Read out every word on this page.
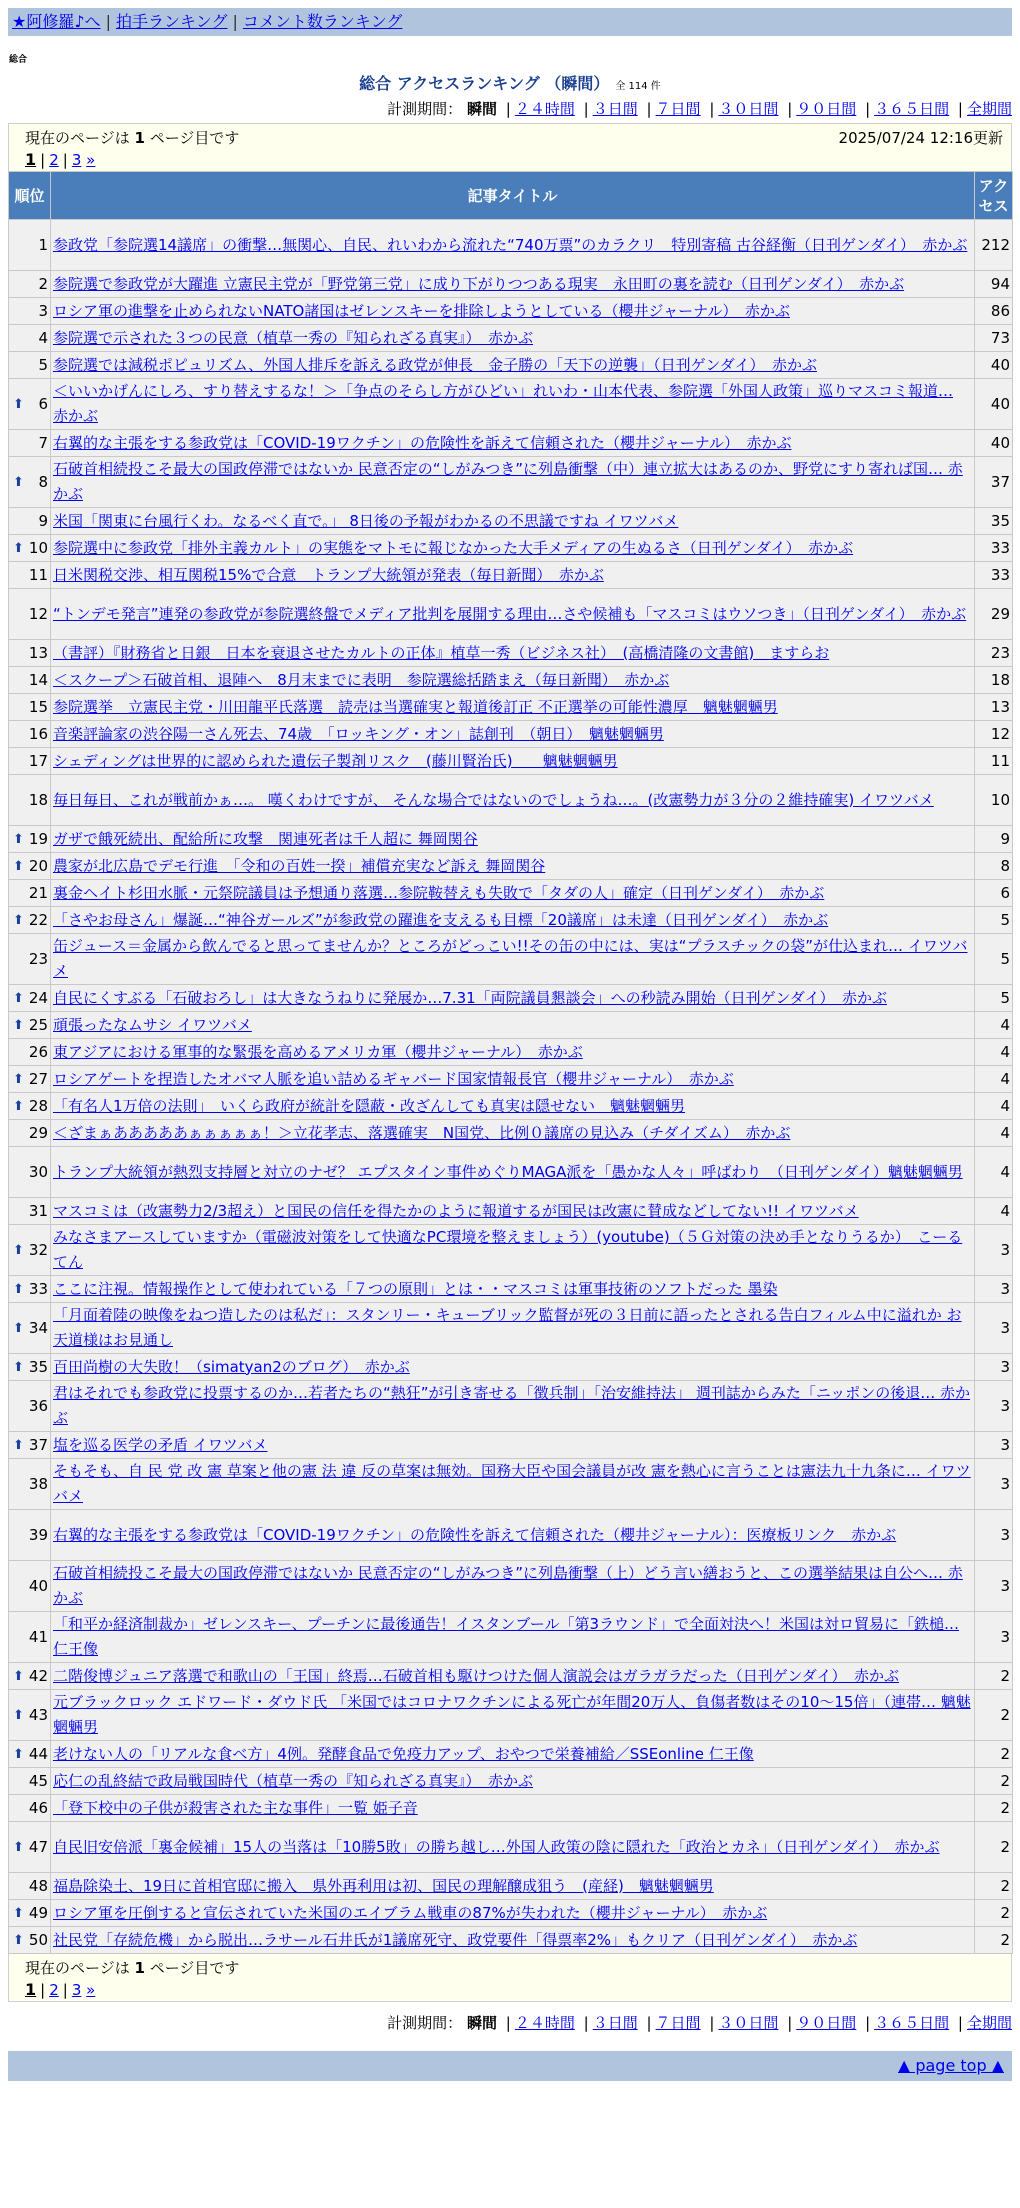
★阿修羅♪へ | 拍手ランキング | コメント数ランキング
総合
総合 アクセスランキング （瞬間） 全 114 件
計測期間： 瞬間 | ２４時間 | ３日間 | ７日間 | ３０日間 | ９０日間 | ３６５日間 | 全期間
現在のページは 1 ページ目です	2025/07/24 12:16更新
1 | 2 | 3 »
順位	記事タイトル	アクセス
1	参政党「参院選14議席」の衝撃…無関心、自民、れいわから流れた“740万票”のカラクリ　特別寄稿 古谷経衡（日刊ゲンダイ）　赤かぶ	212
2	参院選で参政党が大躍進 立憲民主党が「野党第三党」に成り下がりつつある現実　永田町の裏を読む（日刊ゲンダイ）　赤かぶ	94
3	ロシア軍の進撃を止められないNATO諸国はゼレンスキーを排除しようとしている（櫻井ジャーナル）　赤かぶ	86
4	参院選で示された３つの民意（植草一秀の『知られざる真実』）　赤かぶ	73
5	参院選では減税ポピュリズム、外国人排斥を訴える政党が伸長　金子勝の「天下の逆襲」（日刊ゲンダイ）　赤かぶ	40

⬆ 6	＜いいかげんにしろ、すり替えするな！＞「争点のそらし方がひどい」れいわ・山本代表、参院選「外国人政策」巡りマスコミ報道… 赤かぶ	40
7	右翼的な主張をする参政党は「COVID-19ワクチン」の危険性を訴えて信頼された（櫻井ジャーナル）　赤かぶ	40

⬆ 8	石破首相続投こそ最大の国政停滞ではないか 民意否定の“しがみつき”に列島衝撃（中）連立拡大はあるのか、野党にすり寄れば国… 赤かぶ	37
9	米国「関東に台風行くわ。なるべく直で。」 8日後の予報がわかるの不思議ですね イワツバメ	35

⬆ 10	参院選中に参政党「排外主義カルト」の実態をマトモに報じなかった大手メディアの生ぬるさ（日刊ゲンダイ）　赤かぶ	33
11	日米関税交渉、相互関税15%で合意　トランプ大統領が発表（毎日新聞）　赤かぶ	33
12	“トンデモ発言”連発の参政党が参院選終盤でメディア批判を展開する理由…さや候補も「マスコミはウソつき」（日刊ゲンダイ）　赤かぶ	29
13	（書評）『財務省と日銀　日本を衰退させたカルトの正体』植草一秀（ビジネス社）　(高橋清隆の文書館)　ますらお	23
14	＜スクープ＞石破首相、退陣へ　8月末までに表明　参院選総括踏まえ（毎日新聞）　赤かぶ	18
15	参院選挙　立憲民主党・川田龍平氏落選　読売は当選確実と報道後訂正 不正選挙の可能性濃厚　魑魅魍魎男	13
16	音楽評論家の渋谷陽一さん死去、74歳　「ロッキング・オン」誌創刊　（朝日）　魑魅魍魎男	12
17	シェディングは世界的に認められた遺伝子製剤リスク　(藤川賢治氏)　　魑魅魍魎男	11
18	毎日毎日、これが戦前かぁ…。 嘆くわけですが、 そんな場合ではないのでしょうね…。(改憲勢力が３分の２維持確実) イワツバメ	10

⬆ 19	ガザで餓死続出、配給所に攻撃　関連死者は千人超に 舞岡関谷	9

⬆ 20	農家が北広島でデモ行進　「令和の百姓一揆」補償充実など訴え 舞岡関谷	8
21	裏金ヘイト杉田水脈・元祭院議員は予想通り落選…参院鞍替えも失敗で「タダの人」確定（日刊ゲンダイ）　赤かぶ	6

⬆ 22	「さやお母さん」爆誕…“神谷ガールズ”が参政党の躍進を支えるも目標「20議席」は未達（日刊ゲンダイ）　赤かぶ	5
23	缶ジュース＝金属から飲んでると思ってませんか？ところがどっこい!!その缶の中には、実は“プラスチックの袋”が仕込まれ… イワツバメ	5

⬆ 24	自民にくすぶる「石破おろし」は大きなうねりに発展か…7.31「両院議員懇談会」への秒読み開始（日刊ゲンダイ）　赤かぶ	5

⬆ 25	頑張ったなムサシ イワツバメ	4
26	東アジアにおける軍事的な緊張を高めるアメリカ軍（櫻井ジャーナル）　赤かぶ	4

⬆ 27	ロシアゲートを捏造したオバマ人脈を追い詰めるギャバード国家情報長官（櫻井ジャーナル）　赤かぶ	4

⬆ 28	「有名人1万倍の法則」　いくら政府が統計を隠蔽・改ざんしても真実は隠せない　魑魅魍魎男	4
29	＜ざまぁあああああぁぁぁぁぁ！＞立花孝志、落選確実　N国党、比例０議席の見込み（チダイズム）　赤かぶ	4
30	トランプ大統領が熱烈支持層と対立のナゼ？ エプスタイン事件めぐりMAGA派を「愚かな人々」呼ばわり　（日刊ゲンダイ）魑魅魍魎男	4
31	マスコミは（改憲勢力2/3超え）と国民の信任を得たかのように報道するが国民は改憲に賛成などしてない!! イワツバメ	4

⬆ 32	みなさまアースしていますか（電磁波対策をして快適なPC環境を整えましょう）(youtube)（５Ｇ対策の決め手となりうるか）　こーるてん	3

⬆ 33	ここに注視。情報操作として使われている「７つの原則」とは・・マスコミは軍事技術のソフトだった 墨染	3

⬆ 34	「月面着陸の映像をねつ造したのは私だ」：スタンリー・キューブリック監督が死の３日前に語ったとされる告白フィルム中に溢れか お天道様はお見通し	3

⬆ 35	百田尚樹の大失敗！（simatyan2のブログ）　赤かぶ	3
36	君はそれでも参政党に投票するのか…若者たちの“熱狂”が引き寄せる「徴兵制」「治安維持法」 週刊誌からみた「ニッポンの後退… 赤かぶ	3

⬆ 37	塩を巡る医学の矛盾 イワツバメ	3
38	そもそも、自 民 党 改 憲 草案と他の憲 法 違 反の草案は無効。国務大臣や国会議員が改 憲を熱心に言うことは憲法九十九条に… イワツバメ	3
39	右翼的な主張をする参政党は「COVID-19ワクチン」の危険性を訴えて信頼された（櫻井ジャーナル）：医療板リンク　赤かぶ	3
40	石破首相続投こそ最大の国政停滞ではないか 民意否定の“しがみつき”に列島衝撃（上）どう言い繕おうと、この選挙結果は自公へ… 赤かぶ	3
41	「和平か経済制裁か」ゼレンスキー、プーチンに最後通告！イスタンブール「第3ラウンド」で全面対決へ！米国は対ロ貿易に「鉄槌… 仁王像	3

⬆ 42	二階俊博ジュニア落選で和歌山の「王国」終焉…石破首相も駆けつけた個人演説会はガラガラだった（日刊ゲンダイ）　赤かぶ	2

⬆ 43	元ブラックロック エドワード・ダウド氏 「米国ではコロナワクチンによる死亡が年間20万人、負傷者数はその10～15倍」（連帯… 魑魅魍魎男	2

⬆ 44	老けない人の「リアルな食べ方」4例。発酵食品で免疫力アップ、おやつで栄養補給／SSEonline 仁王像	2
45	応仁の乱終結で政局戦国時代（植草一秀の『知られざる真実』）　赤かぶ	2
46	「登下校中の子供が殺害された主な事件」一覧 姫子音	2

⬆ 47	自民旧安倍派「裏金候補」15人の当落は「10勝5敗」の勝ち越し…外国人政策の陰に隠れた「政治とカネ」（日刊ゲンダイ）　赤かぶ	2
48	福島除染土、19日に首相官邸に搬入　県外再利用は初、国民の理解醸成狙う　(産経)　魑魅魍魎男	2

⬆ 49	ロシア軍を圧倒すると宣伝されていた米国のエイブラム戦車の87%が失われた（櫻井ジャーナル）　赤かぶ	2

⬆ 50	社民党「存続危機」から脱出…ラサール石井氏が1議席死守、政党要件「得票率2%」もクリア（日刊ゲンダイ）　赤かぶ	2
現在のページは 1 ページ目です
1 | 2 | 3 »
計測期間： 瞬間 | ２４時間 | ３日間 | ７日間 | ３０日間 | ９０日間 | ３６５日間 | 全期間
▲ page top ▲
